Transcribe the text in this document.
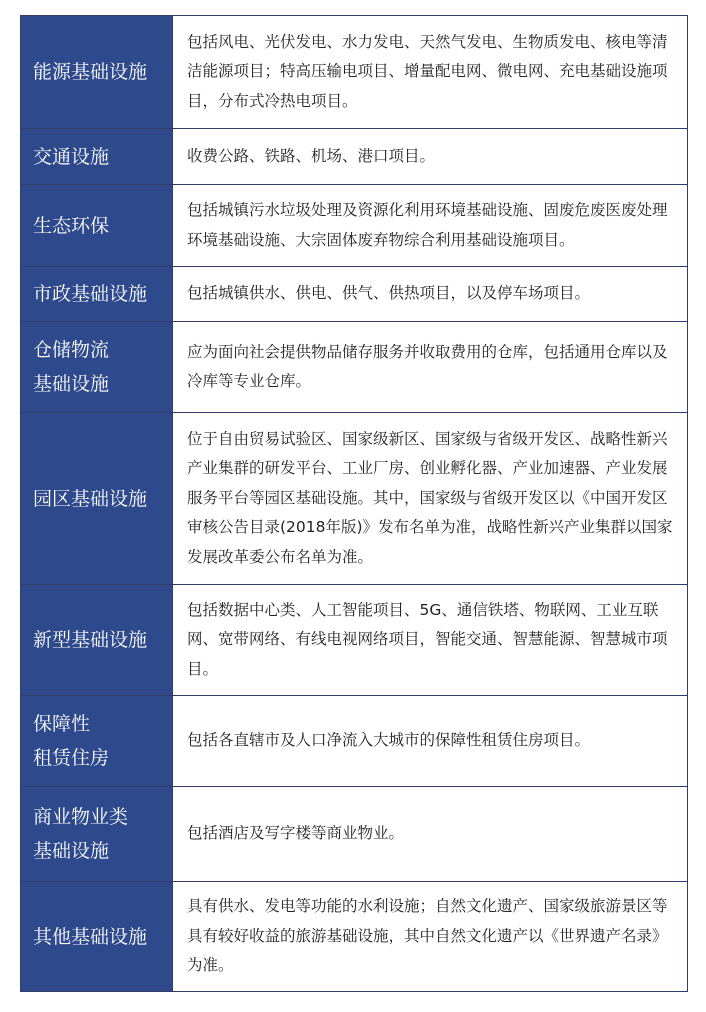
能源基础设施	包括风电、光伏发电、水力发电、天然气发电、生物质发电、核电等清洁能源项目；特高压输电项目、增量配电网、微电网、充电基础设施项目，分布式冷热电项目。

交通设施	收费公路、铁路、机场、港口项目。

生态环保	包括城镇污水垃圾处理及资源化利用环境基础设施、固废危废医废处理环境基础设施、大宗固体废弃物综合利用基础设施项目。

市政基础设施	包括城镇供水、供电、供气、供热项目，以及停车场项目。

仓储物流
基础设施	应为面向社会提供物品储存服务并收取费用的仓库，包括通用仓库以及冷库等专业仓库。

园区基础设施	位于自由贸易试验区、国家级新区、国家级与省级开发区、战略性新兴产业集群的研发平台、工业厂房、创业孵化器、产业加速器、产业发展服务平台等园区基础设施。其中，国家级与省级开发区以《中国开发区审核公告目录(2018年版)》发布名单为准，战略性新兴产业集群以国家发展改革委公布名单为准。

新型基础设施	包括数据中心类、人工智能项目、5G、通信铁塔、物联网、工业互联网、宽带网络、有线电视网络项目，智能交通、智慧能源、智慧城市项目。

保障性
租赁住房	包括各直辖市及人口净流入大城市的保障性租赁住房项目。

商业物业类
基础设施	包括酒店及写字楼等商业物业。

其他基础设施	具有供水、发电等功能的水利设施；自然文化遗产、国家级旅游景区等具有较好收益的旅游基础设施，其中自然文化遗产以《世界遗产名录》为准。
